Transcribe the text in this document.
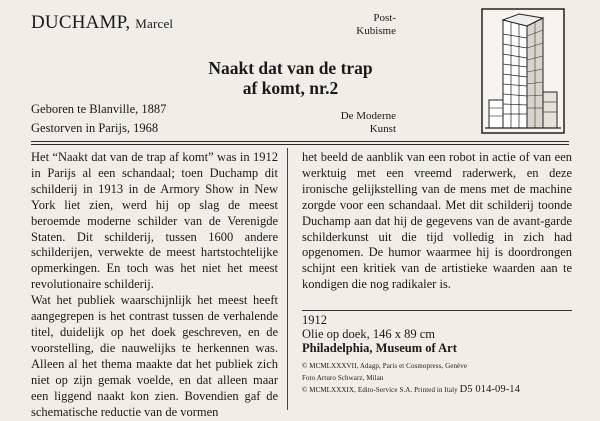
DUCHAMP, Marcel
Naakt dat van de trap
af komt, nr.2
Geboren te Blanville, 1887
Gestorven in Parijs, 1968
Post-
Kubisme
De Moderne
Kunst

Het “Naakt dat van de trap af komt” was in 1912 in Parijs al een schandaal; toen Duchamp dit schilderij in 1913 in de Armory Show in New York liet zien, werd hij op slag de meest beroemde moderne schilder van de Verenigde Staten. Dit schilderij, tussen 1600 andere schilderijen, verwekte de meest hartstochtelijke opmerkingen. En toch was het niet het meest revolutionaire schilderij.

Wat het publiek waarschijnlijk het meest heeft aangegrepen is het contrast tussen de verhalende titel, duidelijk op het doek geschreven, en de voorstelling, die nauwelijks te herkennen was. Alleen al het thema maakte dat het publiek zich niet op zijn gemak voelde, en dat alleen maar een liggend naakt kon zien. Bovendien gaf de schematische reductie van de vormen

het beeld de aanblik van een robot in actie of van een werktuig met een vreemd raderwerk, en deze ironische gelijkstelling van de mens met de machine zorgde voor een schandaal. Met dit schilderij toonde Duchamp aan dat hij de gegevens van de avant-garde schilderkunst uit die tijd volledig in zich had opgenomen. De humor waarmee hij is doordrongen schijnt een kritiek van de artistieke waarden aan te kondigen die nog radikaler is.

1912
Olie op doek, 146 x 89 cm
Philadelphia, Museum of Art
© MCMLXXXVII, Adagp, Paris et Cosmopress, Genève
Foto Arturo Schwarz, Milan
© MCMLXXXIX, Edito-Service S.A. Printed in Italy D5 014-09-14
